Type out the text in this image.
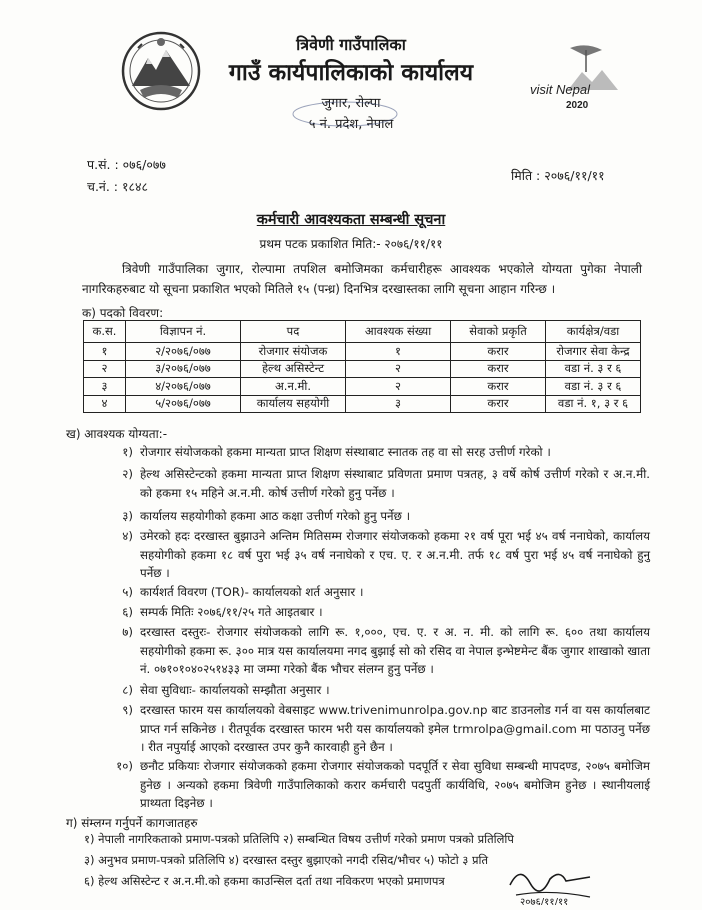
त्रिवेणी गाउँपालिका
गाउँ कार्यपालिकाको कार्यालय
जुगार, रोल्पा
५ नं. प्रदेश, नेपाल
visit Nepal
2020
प.सं. : ०७६/०७७
च.नं. : १८४८
मिति : २०७६/११/११
कर्मचारी आवश्यकता सम्बन्धी सूचना
प्रथम पटक प्रकाशित मिति:- २०७६/११/११
त्रिवेणी गाउँपालिका जुगार, रोल्पामा तपशिल बमोजिमका कर्मचारीहरू आवश्यक भएकोले योग्यता पुगेका नेपाली नागरिकहरुबाट यो सूचना प्रकाशित भएको मितिले १५ (पन्ध्र) दिनभित्र दरखास्तका लागि सूचना आहान गरिन्छ ।
क) पदको विवरण:
क.स.	विज्ञापन नं.	पद	आवश्यक संख्या	सेवाको प्रकृति	कार्यक्षेत्र/वडा
१	२/२०७६/०७७	रोजगार संयोजक	१	करार	रोजगार सेवा केन्द्र
२	३/२०७६/०७७	हेल्थ असिस्टेन्ट	२	करार	वडा नं. ३ र ६
३	४/२०७६/०७७	अ.न.मी.	२	करार	वडा नं. ३ र ६
४	५/२०७६/०७७	कार्यालय सहयोगी	३	करार	वडा नं. १, ३ र ६
ख) आवश्यक योग्यता:-
१) रोजगार संयोजकको हकमा मान्यता प्राप्त शिक्षण संस्थाबाट स्नातक तह वा सो सरह उत्तीर्ण गरेको ।
२) हेल्थ असिस्टेन्टको हकमा मान्यता प्राप्त शिक्षण संस्थाबाट प्रविणता प्रमाण पत्रतह, ३ वर्षे कोर्ष उत्तीर्ण गरेको र अ.न.मी. को हकमा १५ महिने अ.न.मी. कोर्ष उत्तीर्ण गरेको हुनु पर्नेछ ।
३) कार्यालय सहयोगीको हकमा आठ कक्षा उत्तीर्ण गरेको हुनु पर्नेछ ।
४) उमेरको हदः दरखास्त बुझाउने अन्तिम मितिसम्म रोजगार संयोजकको हकमा २१ वर्ष पूरा भई ४५ वर्ष ननाघेको, कार्यालय सहयोगीको हकमा १८ वर्ष पुरा भई ३५ वर्ष ननाघेको र एच. ए. र अ.न.मी. तर्फ १८ वर्ष पुरा भई ४५ वर्ष ननाघेको हुनु पर्नेछ ।
५) कार्यशर्त विवरण (TOR)- कार्यालयको शर्त अनुसार ।
६) सम्पर्क मितिः २०७६/११/२५ गते आइतबार ।
७) दरखास्त दस्तुरः- रोजगार संयोजकको लागि रू. १,०००, एच. ए. र अ. न. मी. को लागि रू. ६०० तथा कार्यालय सहयोगीको हकमा रू. ३०० मात्र यस कार्यालयमा नगद बुझाई सो को रसिद वा नेपाल इन्भेष्टमेन्ट बैंक जुगार शाखाको खाता नं. ०७१०१०४०२५१४३३ मा जम्मा गरेको बैंक भौचर संलग्न हुनु पर्नेछ ।
८) सेवा सुविधाः- कार्यालयको सम्झौता अनुसार ।
९) दरखास्त फारम यस कार्यालयको वेबसाइट www.trivenimunrolpa.gov.np बाट डाउनलोड गर्न वा यस कार्यालबाट प्राप्त गर्न सकिनेछ । रीतपूर्वक दरखास्त फारम भरी यस कार्यालयको इमेल trmrolpa@gmail.com मा पठाउनु पर्नेछ । रीत नपुर्याई आएको दरखास्त उपर कुनै कारवाही हुने छैन ।
१०) छनौट प्रकियाः रोजगार संयोजकको हकमा रोजगार संयोजकको पदपूर्ति र सेवा सुविधा सम्बन्धी मापदण्ड, २०७५ बमोजिम हुनेछ । अन्यको हकमा त्रिवेणी गाउँपालिकाको करार कर्मचारी पदपुर्ती कार्यविधि, २०७५ बमोजिम हुनेछ । स्थानीयलाई प्राथ्यता दिइनेछ ।
ग) संम्लग्न गर्नुपर्ने कागजातहरु
१) नेपाली नागरिकताको प्रमाण-पत्रको प्रतिलिपि २) सम्बन्धित विषय उत्तीर्ण गरेको प्रमाण पत्रको प्रतिलिपि
३) अनुभव प्रमाण-पत्रको प्रतिलिपि ४) दरखास्त दस्तुर बुझाएको नगदी रसिद/भौचर ५) फोटो ३ प्रति
६) हेल्थ असिस्टेन्ट र अ.न.मी.को हकमा काउन्सिल दर्ता तथा नविकरण भएको प्रमाणपत्र
२०७६/११/११
